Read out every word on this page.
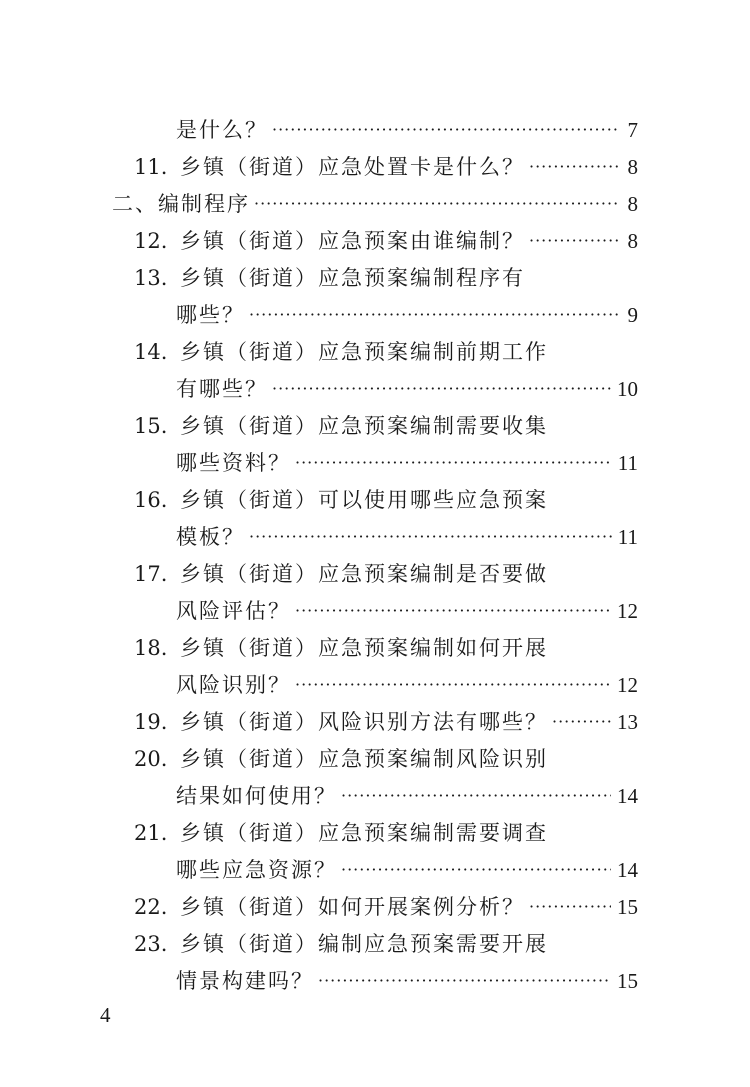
是什么？ ·····	7
11. 乡镇（街道）应急处置卡是什么？ ·····	8
二、编制程序 ·····	8
12. 乡镇（街道）应急预案由谁编制？ ·····	8
13. 乡镇（街道）应急预案编制程序有
哪些？ ·····	9
14. 乡镇（街道）应急预案编制前期工作
有哪些？ ·····	10
15. 乡镇（街道）应急预案编制需要收集
哪些资料？ ·····	11
16. 乡镇（街道）可以使用哪些应急预案
模板？ ·····	11
17. 乡镇（街道）应急预案编制是否要做
风险评估？ ·····	12
18. 乡镇（街道）应急预案编制如何开展
风险识别？ ·····	12
19. 乡镇（街道）风险识别方法有哪些？ ·····	13
20. 乡镇（街道）应急预案编制风险识别
结果如何使用？ ·····	14
21. 乡镇（街道）应急预案编制需要调查
哪些应急资源？ ·····	14
22. 乡镇（街道）如何开展案例分析？ ·····	15
23. 乡镇（街道）编制应急预案需要开展
情景构建吗？ ·····	15
4
